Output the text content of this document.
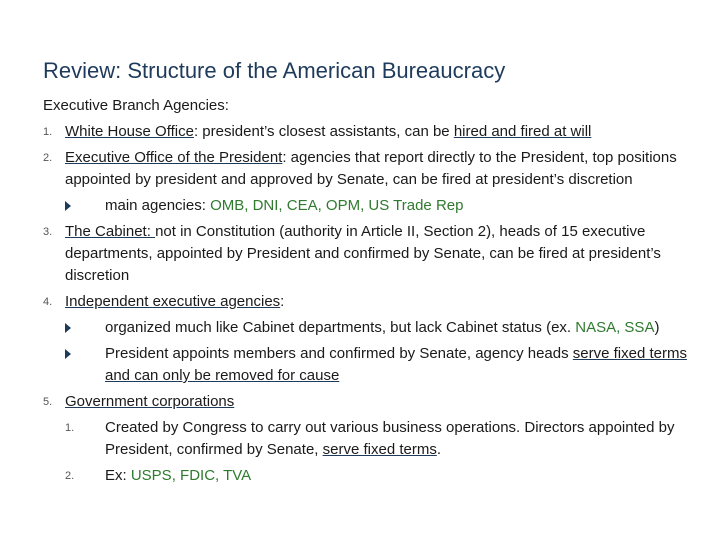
Review: Structure of the American Bureaucracy
Executive Branch Agencies:
1. White House Office: president’s closest assistants, can be hired and fired at will
2. Executive Office of the President: agencies that report directly to the President, top positions appointed by president and approved by Senate, can be fired at president’s discretion
main agencies: OMB, DNI, CEA, OPM, US Trade Rep
3. The Cabinet: not in Constitution (authority in Article II, Section 2), heads of 15 executive departments, appointed by President and confirmed by Senate, can be fired at president’s discretion
4. Independent executive agencies:
organized much like Cabinet departments, but lack Cabinet status (ex. NASA, SSA)
President appoints members and confirmed by Senate, agency heads serve fixed terms and can only be removed for cause
5. Government corporations
1. Created by Congress to carry out various business operations. Directors appointed by President, confirmed by Senate, serve fixed terms.
2. Ex: USPS, FDIC, TVA
